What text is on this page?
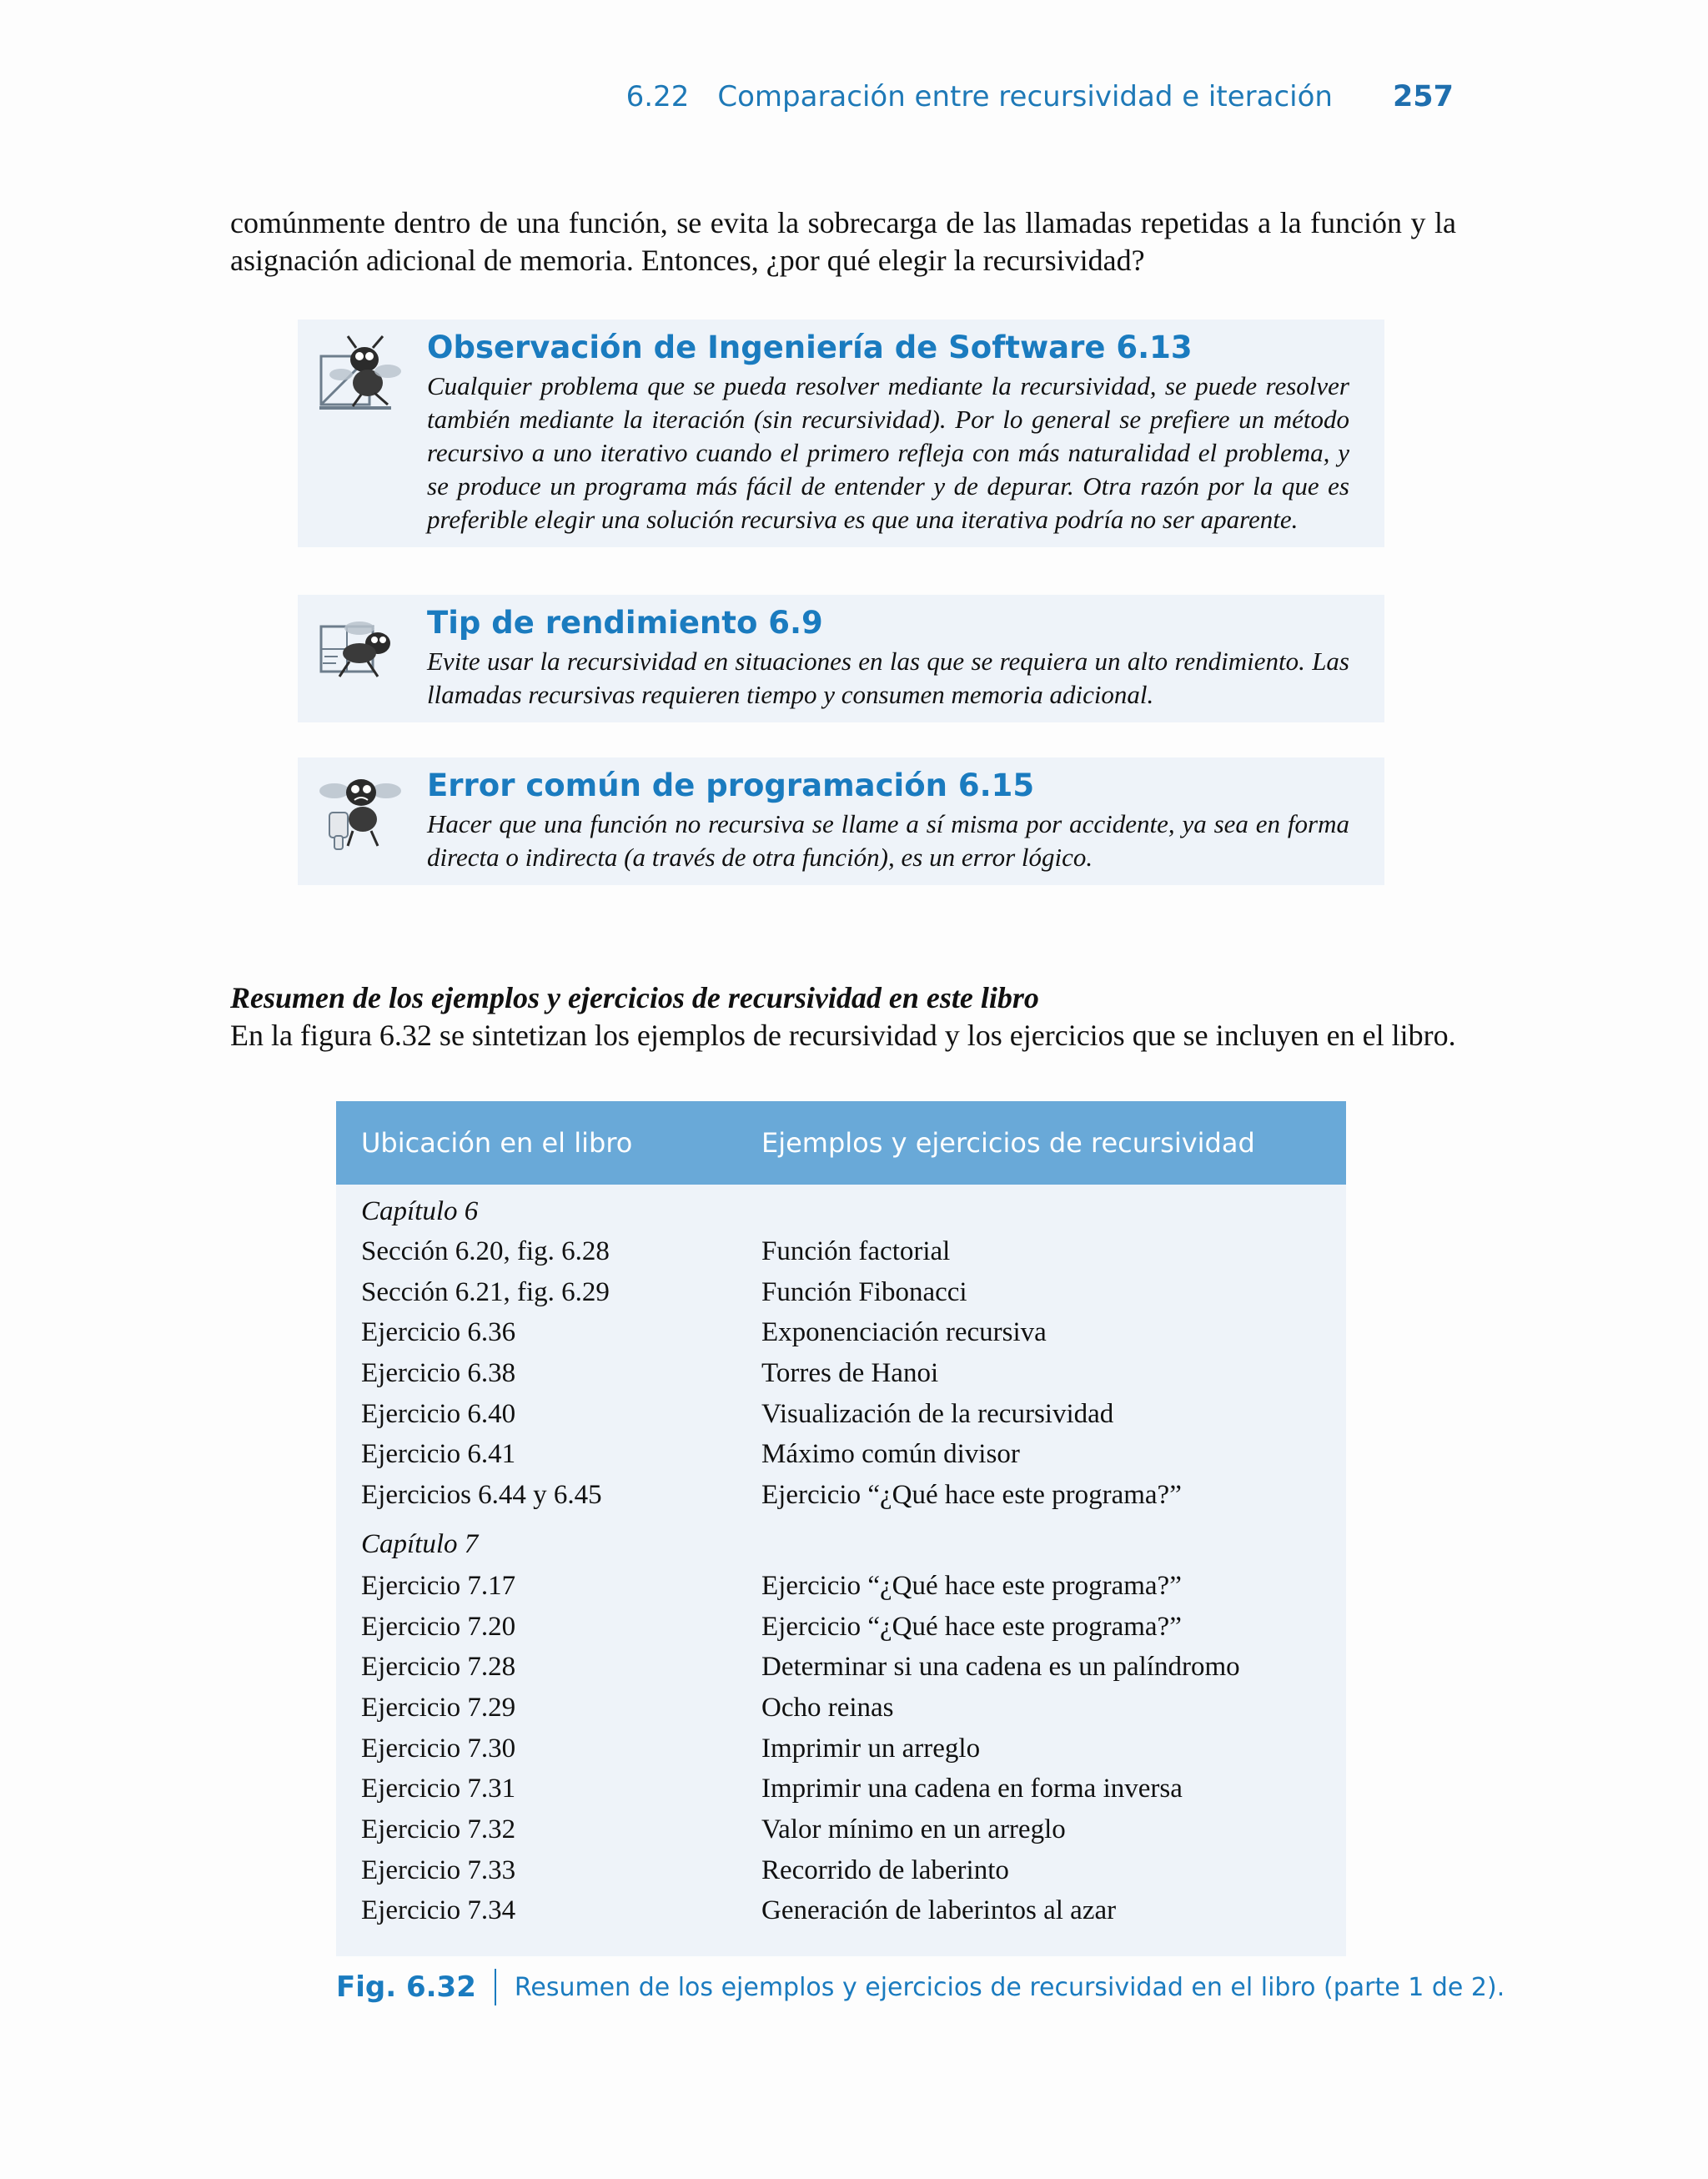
6.22 Comparación entre recursividad e iteración 257

comúnmente dentro de una función, se evita la sobrecarga de las llamadas repetidas a la función y la asignación adicional de memoria. Entonces, ¿por qué elegir la recursividad?

Observación de Ingeniería de Software 6.13

Cualquier problema que se pueda resolver mediante la recursividad, se puede resolver también mediante la iteración (sin recursividad). Por lo general se prefiere un método recursivo a uno iterativo cuando el primero refleja con más naturalidad el problema, y se produce un programa más fácil de entender y de depurar. Otra razón por la que es preferible elegir una solución recursiva es que una iterativa podría no ser aparente.

Tip de rendimiento 6.9

Evite usar la recursividad en situaciones en las que se requiera un alto rendimiento. Las llamadas recursivas requieren tiempo y consumen memoria adicional.

Error común de programación 6.15

Hacer que una función no recursiva se llame a sí misma por accidente, ya sea en forma directa o indirecta (a través de otra función), es un error lógico.

Resumen de los ejemplos y ejercicios de recursividad en este libro

En la figura 6.32 se sintetizan los ejemplos de recursividad y los ejercicios que se incluyen en el libro.

Ubicación en el libro	Ejemplos y ejercicios de recursividad
Capítulo 6
Sección 6.20, fig. 6.28	Función factorial
Sección 6.21, fig. 6.29	Función Fibonacci
Ejercicio 6.36	Exponenciación recursiva
Ejercicio 6.38	Torres de Hanoi
Ejercicio 6.40	Visualización de la recursividad
Ejercicio 6.41	Máximo común divisor
Ejercicios 6.44 y 6.45	Ejercicio “¿Qué hace este programa?”
Capítulo 7
Ejercicio 7.17	Ejercicio “¿Qué hace este programa?”
Ejercicio 7.20	Ejercicio “¿Qué hace este programa?”
Ejercicio 7.28	Determinar si una cadena es un palíndromo
Ejercicio 7.29	Ocho reinas
Ejercicio 7.30	Imprimir un arreglo
Ejercicio 7.31	Imprimir una cadena en forma inversa
Ejercicio 7.32	Valor mínimo en un arreglo
Ejercicio 7.33	Recorrido de laberinto
Ejercicio 7.34	Generación de laberintos al azar
Fig. 6.32 Resumen de los ejemplos y ejercicios de recursividad en el libro (parte 1 de 2).
